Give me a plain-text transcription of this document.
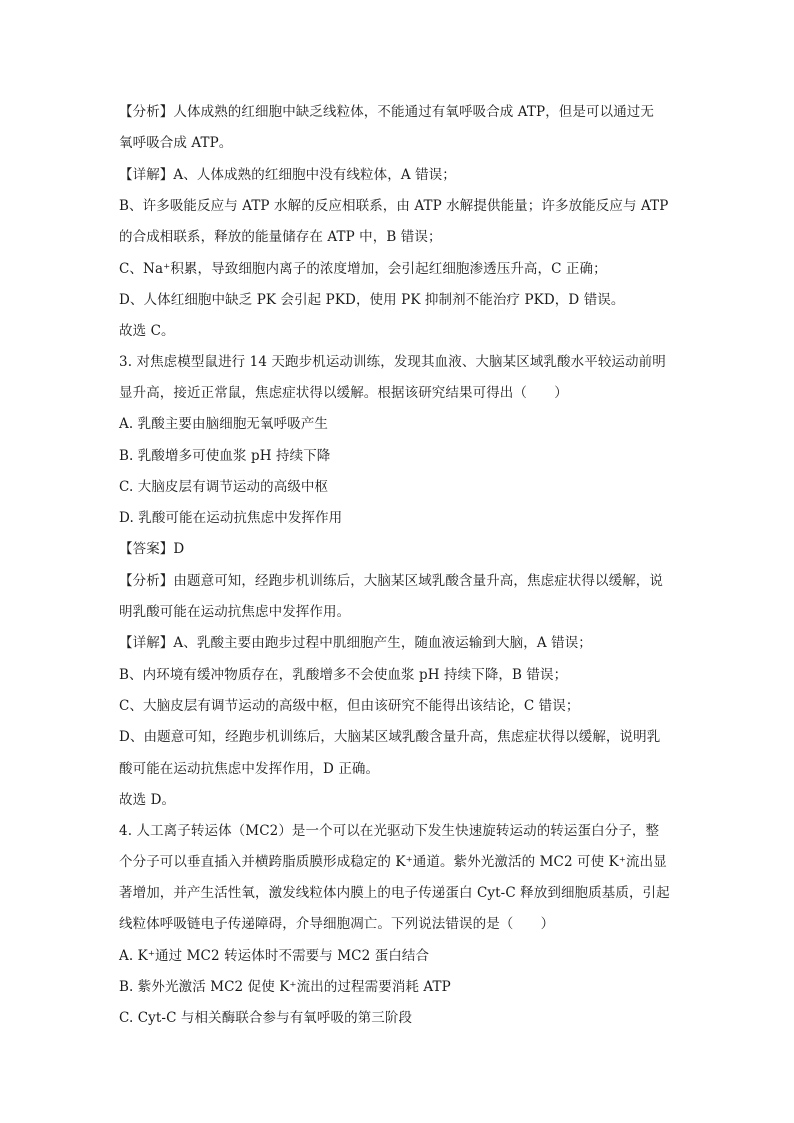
【分析】人体成熟的红细胞中缺乏线粒体，不能通过有氧呼吸合成 ATP，但是可以通过无
氧呼吸合成 ATP。
【详解】A、人体成熟的红细胞中没有线粒体，A 错误；
B、许多吸能反应与 ATP 水解的反应相联系，由 ATP 水解提供能量；许多放能反应与 ATP
的合成相联系，释放的能量储存在 ATP 中，B 错误；
C、Na⁺积累，导致细胞内离子的浓度增加，会引起红细胞渗透压升高，C 正确；
D、人体红细胞中缺乏 PK 会引起 PKD，使用 PK 抑制剂不能治疗 PKD，D 错误。
故选 C。
3. 对焦虑模型鼠进行 14 天跑步机运动训练，发现其血液、大脑某区域乳酸水平较运动前明
显升高，接近正常鼠，焦虑症状得以缓解。根据该研究结果可得出（　　）
A. 乳酸主要由脑细胞无氧呼吸产生
B. 乳酸增多可使血浆 pH 持续下降
C. 大脑皮层有调节运动的高级中枢
D. 乳酸可能在运动抗焦虑中发挥作用
【答案】D
【分析】由题意可知，经跑步机训练后，大脑某区域乳酸含量升高，焦虑症状得以缓解，说
明乳酸可能在运动抗焦虑中发挥作用。
【详解】A、乳酸主要由跑步过程中肌细胞产生，随血液运输到大脑，A 错误；
B、内环境有缓冲物质存在，乳酸增多不会使血浆 pH 持续下降，B 错误；
C、大脑皮层有调节运动的高级中枢，但由该研究不能得出该结论，C 错误；
D、由题意可知，经跑步机训练后，大脑某区域乳酸含量升高，焦虑症状得以缓解，说明乳
酸可能在运动抗焦虑中发挥作用，D 正确。
故选 D。
4. 人工离子转运体（MC2）是一个可以在光驱动下发生快速旋转运动的转运蛋白分子，整
个分子可以垂直插入并横跨脂质膜形成稳定的 K⁺通道。紫外光激活的 MC2 可使 K⁺流出显
著增加，并产生活性氧，激发线粒体内膜上的电子传递蛋白 Cyt-C 释放到细胞质基质，引起
线粒体呼吸链电子传递障碍，介导细胞凋亡。下列说法错误的是（　　）
A. K⁺通过 MC2 转运体时不需要与 MC2 蛋白结合
B. 紫外光激活 MC2 促使 K⁺流出的过程需要消耗 ATP
C. Cyt-C 与相关酶联合参与有氧呼吸的第三阶段
